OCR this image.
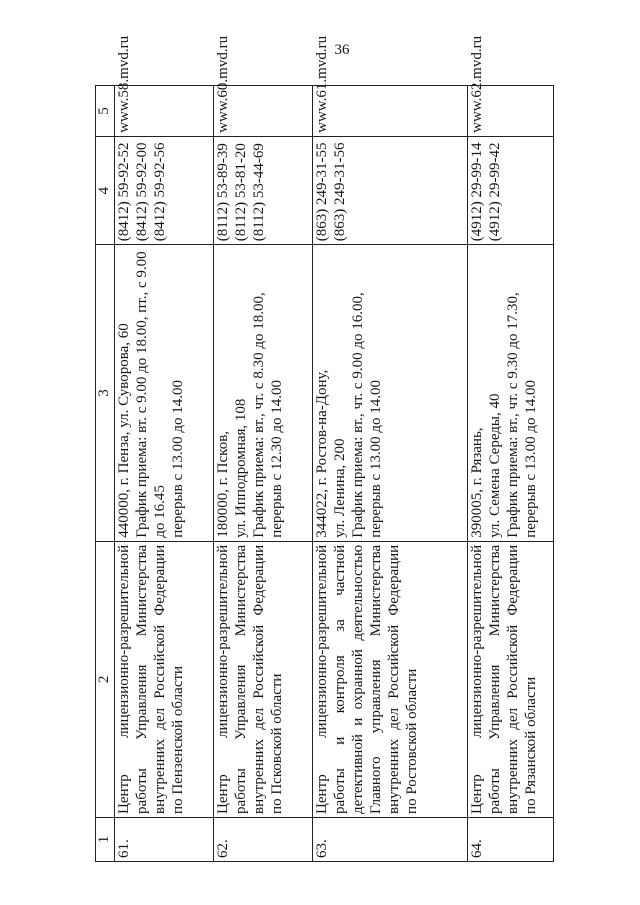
36
1	2	3	4	5
61.	Центр лицензионно-разрешительной работы Управления Министерства внутренних дел Российской Федерации по Пензенской области	440000, г. Пенза, ул. Суворова, 60
График приема: вт. с 9.00 до 18.00, пт., с 9.00 до 16.45
перерыв с 13.00 до 14.00	(8412) 59-92-52
(8412) 59-92-00
(8412) 59-92-56	www.58.mvd.ru
62.	Центр лицензионно-разрешительной работы Управления Министерства внутренних дел Российской Федерации по Псковской области	180000, г. Псков,
ул. Ипподромная, 108
График приема: вт., чт. с 8.30 до 18.00, перерыв с 12.30 до 14.00	(8112) 53-89-39
(8112) 53-81-20
(8112) 53-44-69	www.60.mvd.ru
63.	Центр лицензионно-разрешительной работы и контроля за частной детективной и охранной деятельностью Главного управления Министерства внутренних дел Российской Федерации по Ростовской области	344022, г. Ростов-на-Дону,
ул. Ленина, 200
График приема: вт., чт. с 9.00 до 16.00, перерыв с 13.00 до 14.00	(863) 249-31-55
(863) 249-31-56	www.61.mvd.ru
64.	Центр лицензионно-разрешительной работы Управления Министерства внутренних дел Российской Федерации по Рязанской области	390005, г. Рязань,
ул. Семена Середы, 40
График приема: вт., чт. с 9.30 до 17.30, перерыв с 13.00 до 14.00	(4912) 29-99-14
(4912) 29-99-42	www.62.mvd.ru
